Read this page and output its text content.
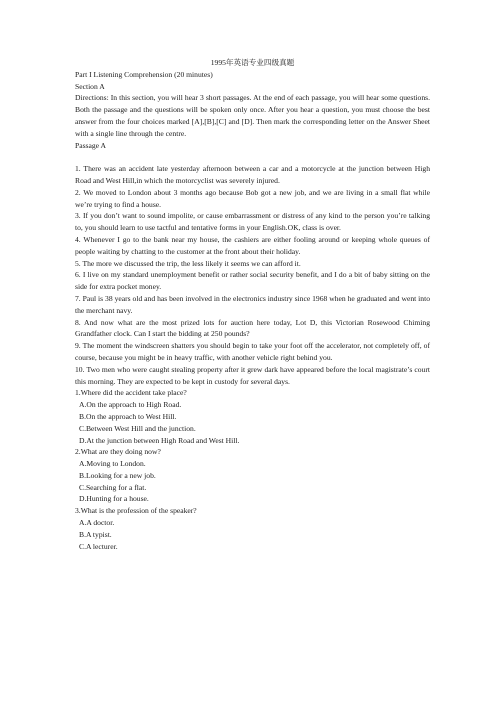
1995年英语专业四级真题

Part I Listening Comprehension (20 minutes)

Section A

Directions: In this section, you will hear 3 short passages. At the end of each passage, you will hear some questions. Both the passage and the questions will be spoken only once. After you hear a question, you must choose the best answer from the four choices marked [A],[B],[C] and [D]. Then mark the corresponding letter on the Answer Sheet with a single line through the centre.

Passage A

1. There was an accident late yesterday afternoon between a car and a motorcycle at the junction between High Road and West Hill,in which the motorcyclist was severely injured.

2. We moved to London about 3 months ago because Bob got a new job, and we are living in a small flat while we’re trying to find a house.

3. If you don’t want to sound impolite, or cause embarrassment or distress of any kind to the person you’re talking to, you should learn to use tactful and tentative forms in your English.OK, class is over.

4. Whenever I go to the bank near my house, the cashiers are either fooling around or keeping whole queues of people waiting by chatting to the customer at the front about their holiday.

5. The more we discussed the trip, the less likely it seems we can afford it.

6. I live on my standard unemployment benefit or rather social security benefit, and I do a bit of baby sitting on the side for extra pocket money.

7. Paul is 38 years old and has been involved in the electronics industry since 1968 when he graduated and went into the merchant navy.

8. And now what are the most prized lots for auction here today, Lot D, this Victorian Rosewood Chiming Grandfather clock. Can I start the bidding at 250 pounds?

9. The moment the windscreen shatters you should begin to take your foot off the accelerator, not completely off, of course, because you might be in heavy traffic, with another vehicle right behind you.

10. Two men who were caught stealing property after it grew dark have appeared before the local magistrate’s court this morning. They are expected to be kept in custody for several days.

1.Where did the accident take place?

A.On the approach to High Road.

B.On the approach to West Hill.

C.Between West Hill and the junction.

D.At the junction between High Road and West Hill.

2.What are they doing now?

A.Moving to London.

B.Looking for a new job.

C.Searching for a flat.

D.Hunting for a house.

3.What is the profession of the speaker?

A.A doctor.

B.A typist.

C.A lecturer.
